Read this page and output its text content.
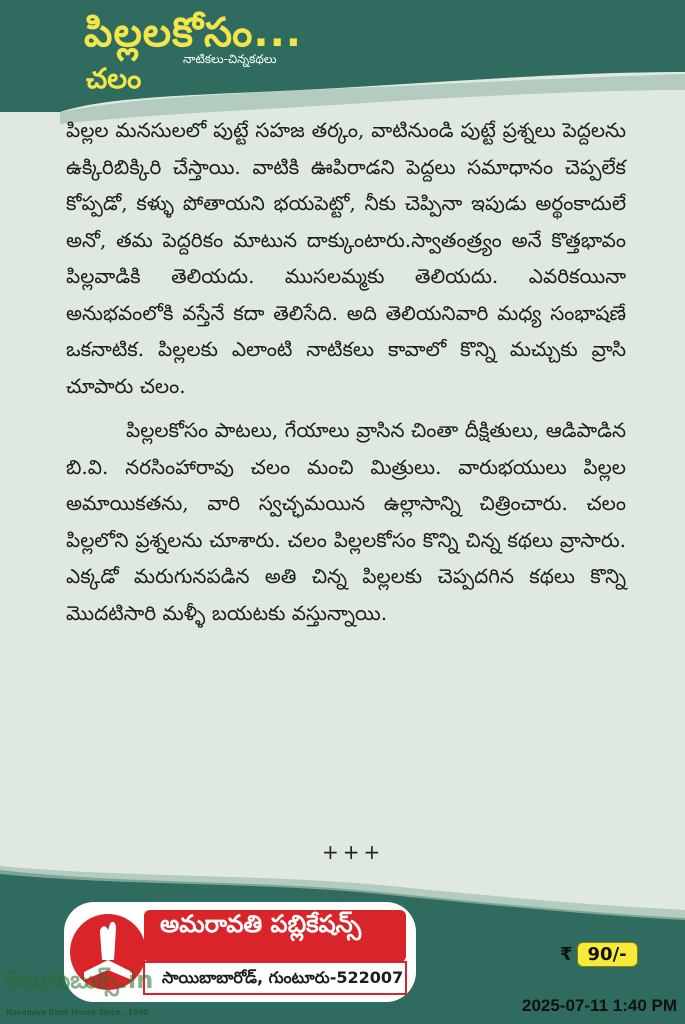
పిల్లలకోసం...
నాటికలు-చిన్నకథలు
చలం

పిల్లల మనసులలో పుట్టే సహజ తర్కం, వాటినుండి పుట్టే ప్రశ్నలు పెద్దలను ఉక్కిరిబిక్కిరి చేస్తాయి. వాటికి ఊపిరాడని పెద్దలు సమాధానం చెప్పలేక కోప్పడో, కళ్ళు పోతాయని భయపెట్టో, నీకు చెప్పినా ఇపుడు అర్థంకాదులే అనో, తమ పెద్దరికం మాటున దాక్కుంటారు.స్వాతంత్ర్యం అనే కొత్తభావం పిల్లవాడికి తెలియదు. ముసలమ్మకు తెలియదు. ఎవరికయినా అనుభవంలోకి వస్తేనే కదా తెలిసేది. అది తెలియనివారి మధ్య సంభాషణే ఒకనాటిక. పిల్లలకు ఎలాంటి నాటికలు కావాలో కొన్ని మచ్చుకు వ్రాసి చూపారు చలం.

పిల్లలకోసం పాటలు, గేయాలు వ్రాసిన చింతా దీక్షితులు, ఆడిపాడిన బి.వి. నరసింహారావు చలం మంచి మిత్రులు. వారుభయులు పిల్లల అమాయికతను, వారి స్వచ్ఛమయిన ఉల్లాసాన్ని చిత్రించారు. చలం పిల్లలోని ప్రశ్నలను చూశారు. చలం పిల్లలకోసం కొన్ని చిన్న కథలు వ్రాసారు. ఎక్కడో మరుగునపడిన అతి చిన్న పిల్లలకు చెప్పదగిన కథలు కొన్ని మొదటిసారి మళ్ళీ బయటకు వస్తున్నాయి.

+++
అమరావతి పబ్లికేషన్స్
సాయిబాబారోడ్, గుంటూరు-522007
₹ 90/-
తెలుగుబుక్స్.in
Navodaya Book House Since...1990	2025-07-11 1:40 PM
